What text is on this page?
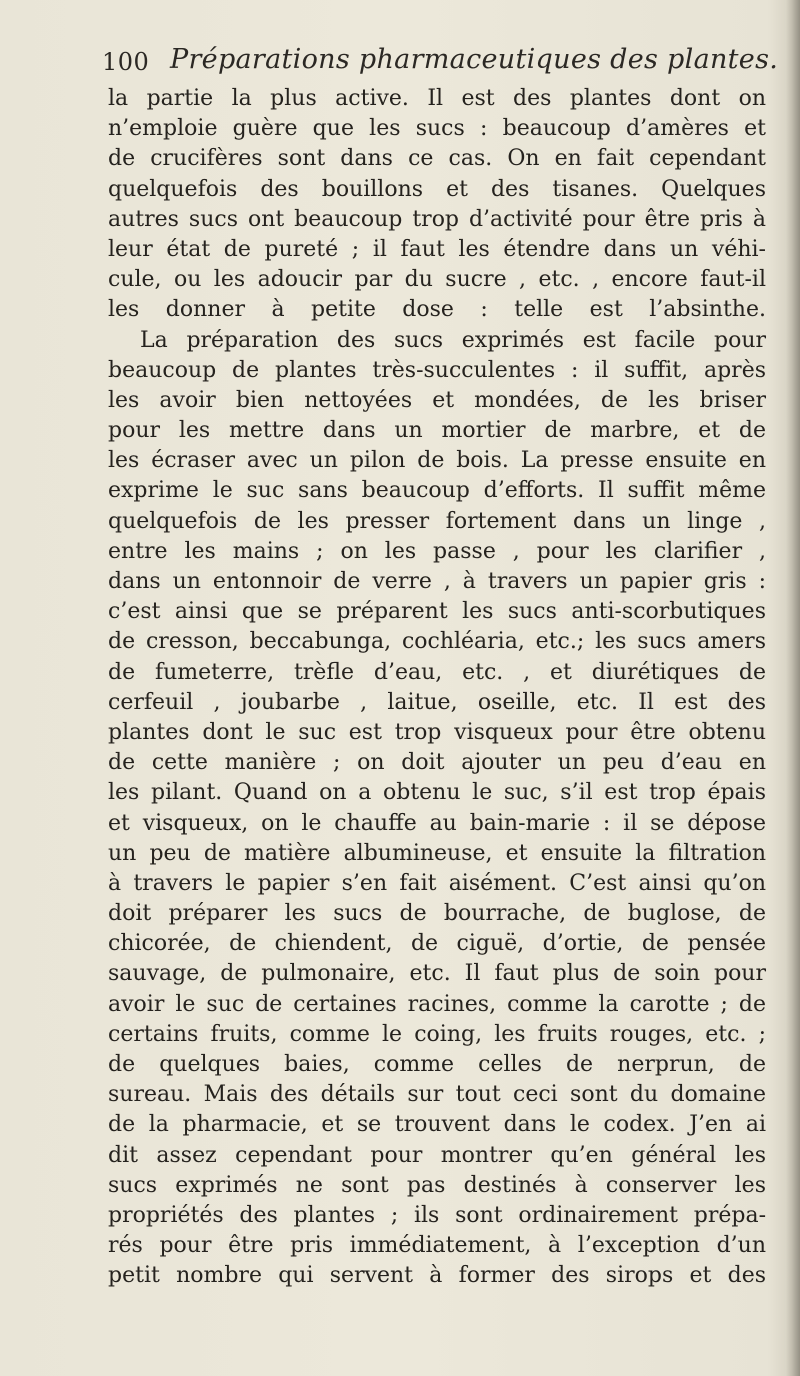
100 Préparations pharmaceutiques des plantes.
la partie la plus active. Il est des plantes dont on
n’emploie guère que les sucs : beaucoup d’amères et
de crucifères sont dans ce cas. On en fait cependant
quelquefois des bouillons et des tisanes. Quelques
autres sucs ont beaucoup trop d’activité pour être pris à
leur état de pureté ; il faut les étendre dans un véhi-
cule, ou les adoucir par du sucre , etc. , encore faut-il
les donner à petite dose : telle est l’absinthe.
La préparation des sucs exprimés est facile pour
beaucoup de plantes très-succulentes : il suffit, après
les avoir bien nettoyées et mondées, de les briser
pour les mettre dans un mortier de marbre, et de
les écraser avec un pilon de bois. La presse ensuite en
exprime le suc sans beaucoup d’efforts. Il suffit même
quelquefois de les presser fortement dans un linge ,
entre les mains ; on les passe , pour les clarifier ,
dans un entonnoir de verre , à travers un papier gris :
c’est ainsi que se préparent les sucs anti-scorbutiques
de cresson, beccabunga, cochléaria, etc.; les sucs amers
de fumeterre, trèfle d’eau, etc. , et diurétiques de
cerfeuil , joubarbe , laitue, oseille, etc. Il est des
plantes dont le suc est trop visqueux pour être obtenu
de cette manière ; on doit ajouter un peu d’eau en
les pilant. Quand on a obtenu le suc, s’il est trop épais
et visqueux, on le chauffe au bain-marie : il se dépose
un peu de matière albumineuse, et ensuite la filtration
à travers le papier s’en fait aisément. C’est ainsi qu’on
doit préparer les sucs de bourrache, de buglose, de
chicorée, de chiendent, de ciguë, d’ortie, de pensée
sauvage, de pulmonaire, etc. Il faut plus de soin pour
avoir le suc de certaines racines, comme la carotte ; de
certains fruits, comme le coing, les fruits rouges, etc. ;
de quelques baies, comme celles de nerprun, de
sureau. Mais des détails sur tout ceci sont du domaine
de la pharmacie, et se trouvent dans le codex. J’en ai
dit assez cependant pour montrer qu’en général les
sucs exprimés ne sont pas destinés à conserver les
propriétés des plantes ; ils sont ordinairement prépa-
rés pour être pris immédiatement, à l’exception d’un
petit nombre qui servent à former des sirops et des
